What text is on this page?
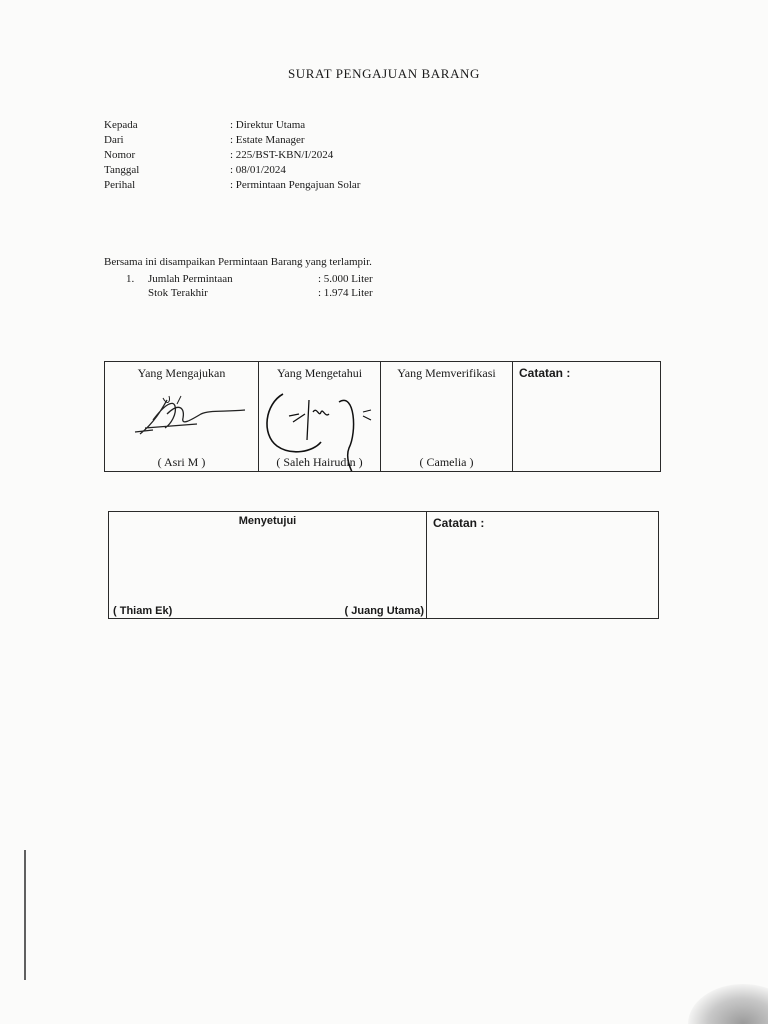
SURAT PENGAJUAN BARANG
Kepada	: Direktur Utama
Dari	: Estate Manager
Nomor	: 225/BST-KBN/I/2024
Tanggal	: 08/01/2024
Perihal	: Permintaan Pengajuan Solar
Bersama ini disampaikan Permintaan Barang yang terlampir.
1.	Jumlah Permintaan	: 5.000 Liter
Stok Terakhir	: 1.974 Liter
Yang Mengajukan
( Asri M )

Yang Mengetahui
( Saleh Hairudin )

Yang Memverifikasi
( Camelia )

Catatan :
Menyetujui
( Thiam Ek)	( Juang Utama)

Catatan :
